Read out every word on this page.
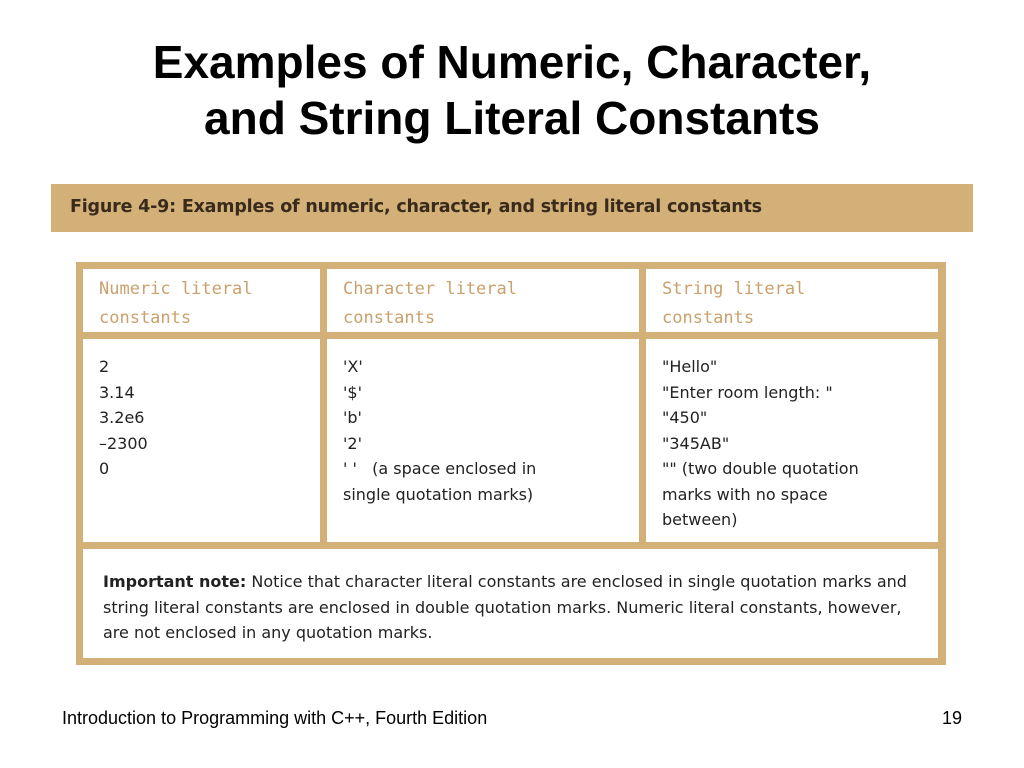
Examples of Numeric, Character,
and String Literal Constants
Figure 4-9: Examples of numeric, character, and string literal constants
Numeric literal
constants
Character literal
constants
String literal
constants
2
3.14
3.2e6
–2300
0
'X'
'$'
'b'
'2'
' '   (a space enclosed in
single quotation marks)
"Hello"
"Enter room length: "
"450"
"345AB"
"" (two double quotation
marks with no space
between)
Important note: Notice that character literal constants are enclosed in single quotation marks and string literal constants are enclosed in double quotation marks. Numeric literal constants, however, are not enclosed in any quotation marks.
Introduction to Programming with C++, Fourth Edition	19
